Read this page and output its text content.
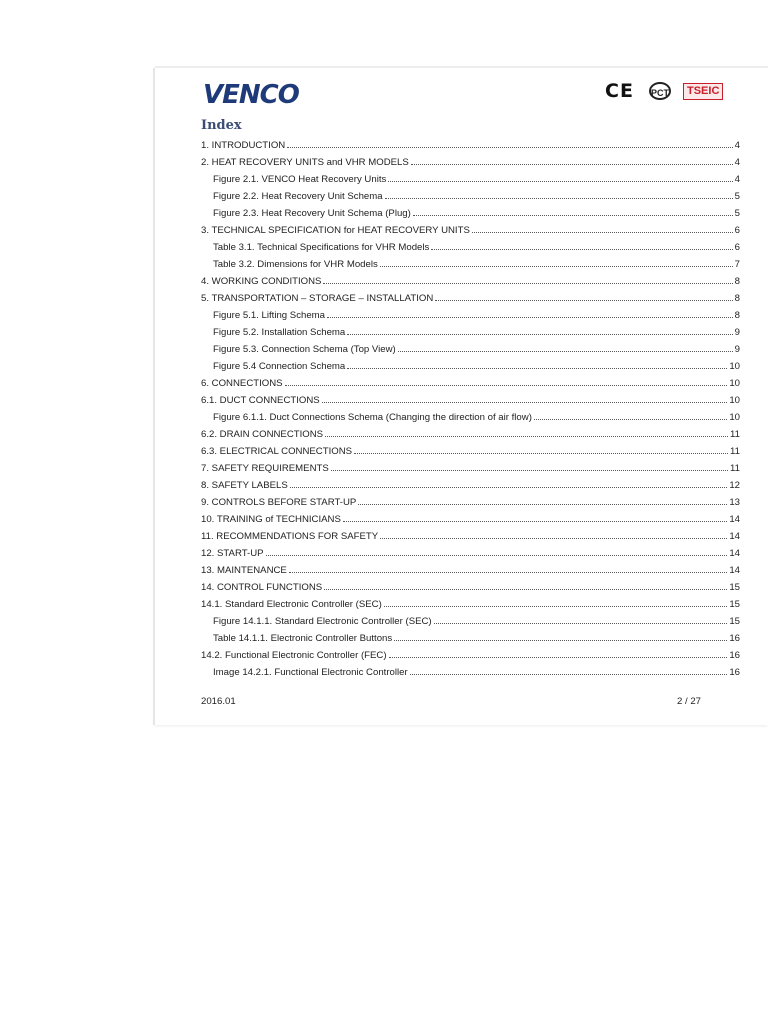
VENCO	CE PCT	TSEIC
Index
1. INTRODUCTION	4
2. HEAT RECOVERY UNITS and VHR MODELS	4
Figure 2.1. VENCO Heat Recovery Units	4
Figure 2.2. Heat Recovery Unit Schema	5
Figure 2.3. Heat Recovery Unit Schema (Plug)	5
3. TECHNICAL SPECIFICATION for HEAT RECOVERY UNITS	6
Table 3.1. Technical Specifications for VHR Models	6
Table 3.2. Dimensions for VHR Models	7
4. WORKING CONDITIONS	8
5. TRANSPORTATION – STORAGE – INSTALLATION	8
Figure 5.1. Lifting Schema	8
Figure 5.2. Installation Schema	9
Figure 5.3. Connection Schema (Top View)	9
Figure 5.4 Connection Schema	10
6. CONNECTIONS	10
6.1. DUCT CONNECTIONS	10
Figure 6.1.1. Duct Connections Schema (Changing the direction of air flow)	10
6.2. DRAIN CONNECTIONS	11
6.3. ELECTRICAL CONNECTIONS	11
7. SAFETY REQUIREMENTS	11
8. SAFETY LABELS	12
9. CONTROLS BEFORE START-UP	13
10. TRAINING of TECHNICIANS	14
11. RECOMMENDATIONS FOR SAFETY	14
12. START-UP	14
13. MAINTENANCE	14
14. CONTROL FUNCTIONS	15
14.1. Standard Electronic Controller (SEC)	15
Figure 14.1.1. Standard Electronic Controller (SEC)	15
Table 14.1.1. Electronic Controller Buttons	16
14.2. Functional Electronic Controller (FEC)	16
Image 14.2.1. Functional Electronic Controller	16
2016.01	2 / 27
